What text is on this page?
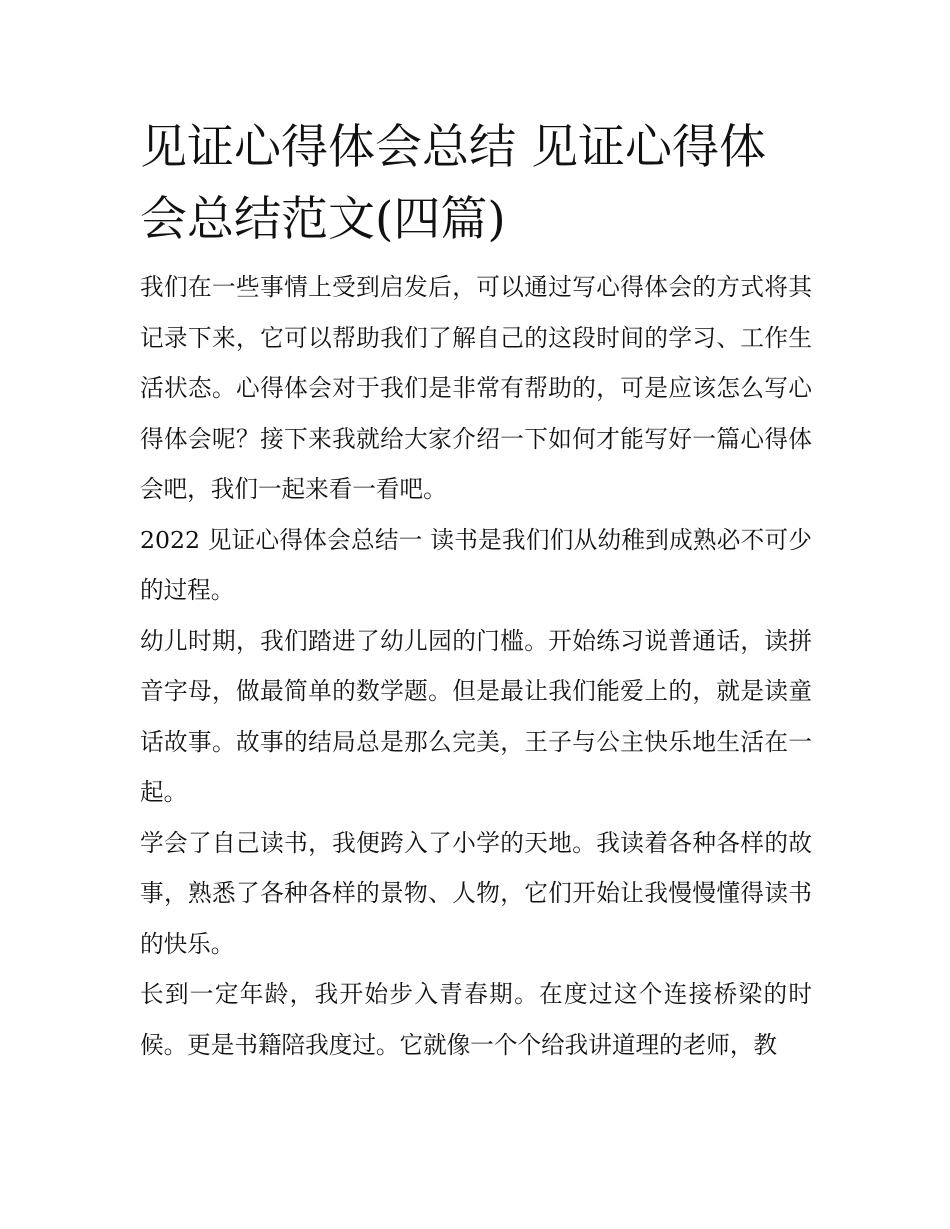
见证心得体会总结 见证心得体会总结范文(四篇)

我们在一些事情上受到启发后，可以通过写心得体会的方式将其记录下来，它可以帮助我们了解自己的这段时间的学习、工作生活状态。心得体会对于我们是非常有帮助的，可是应该怎么写心得体会呢？接下来我就给大家介绍一下如何才能写好一篇心得体会吧，我们一起来看一看吧。

2022 见证心得体会总结一 读书是我们们从幼稚到成熟必不可少的过程。

幼儿时期，我们踏进了幼儿园的门槛。开始练习说普通话，读拼音字母，做最简单的数学题。但是最让我们能爱上的，就是读童话故事。故事的结局总是那么完美，王子与公主快乐地生活在一起。

学会了自己读书，我便跨入了小学的天地。我读着各种各样的故事，熟悉了各种各样的景物、人物，它们开始让我慢慢懂得读书的快乐。

长到一定年龄，我开始步入青春期。在度过这个连接桥梁的时候。更是书籍陪我度过。它就像一个个给我讲道理的老师，教
